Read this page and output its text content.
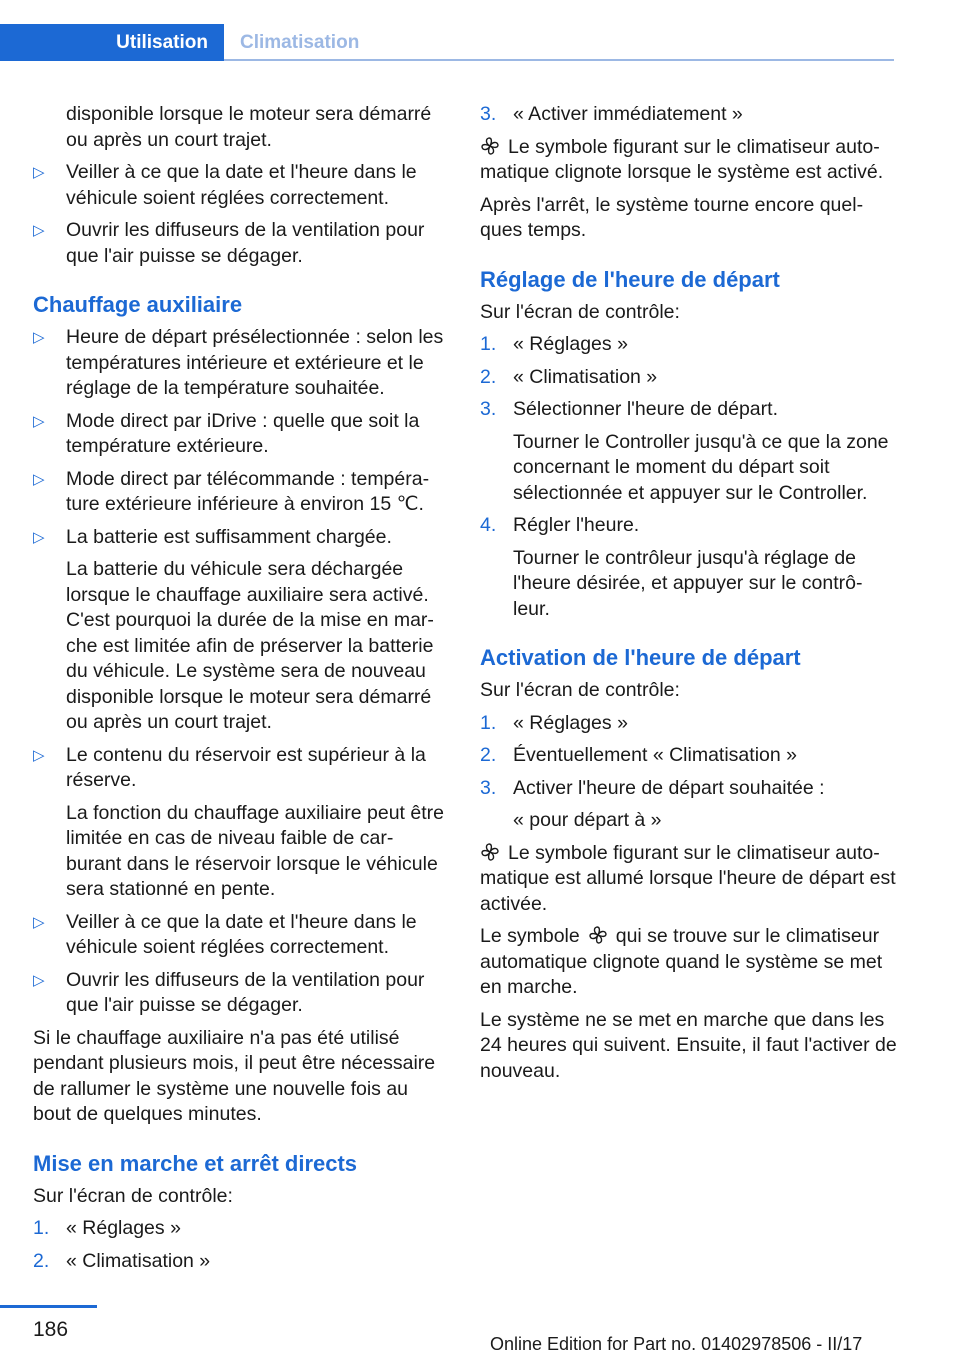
Utilisation	Climatisation
disponible lorsque le moteur sera démarré ou après un court trajet.
▷ Veiller à ce que la date et l'heure dans le véhicule soient réglées correctement.
▷ Ouvrir les diffuseurs de la ventilation pour que l'air puisse se dégager.
Chauffage auxiliaire
▷ Heure de départ présélectionnée : selon les températures intérieure et extérieure et le réglage de la température souhaitée.
▷ Mode direct par iDrive : quelle que soit la température extérieure.
▷ Mode direct par télécommande : tempéra-ture extérieure inférieure à environ 15 ℃.
▷ La batterie est suffisamment chargée.
La batterie du véhicule sera déchargée lorsque le chauffage auxiliaire sera activé. C'est pourquoi la durée de la mise en mar-che est limitée afin de préserver la batterie du véhicule. Le système sera de nouveau disponible lorsque le moteur sera démarré ou après un court trajet.
▷ Le contenu du réservoir est supérieur à la réserve.
La fonction du chauffage auxiliaire peut être limitée en cas de niveau faible de car-burant dans le réservoir lorsque le véhicule sera stationné en pente.
▷ Veiller à ce que la date et l'heure dans le véhicule soient réglées correctement.
▷ Ouvrir les diffuseurs de la ventilation pour que l'air puisse se dégager.

Si le chauffage auxiliaire n'a pas été utilisé pendant plusieurs mois, il peut être nécessaire de rallumer le système une nouvelle fois au bout de quelques minutes.

Mise en marche et arrêt directs

Sur l'écran de contrôle:

1. « Réglages »
2. « Climatisation »
3. « Activer immédiatement »

Le symbole figurant sur le climatiseur auto-matique clignote lorsque le système est activé.

Après l'arrêt, le système tourne encore quel-ques temps.

Réglage de l'heure de départ

Sur l'écran de contrôle:

1. « Réglages »
2. « Climatisation »
3. Sélectionner l'heure de départ.
Tourner le Controller jusqu'à ce que la zone concernant le moment du départ soit sélectionnée et appuyer sur le Controller.
4. Régler l'heure.
Tourner le contrôleur jusqu'à réglage de l'heure désirée, et appuyer sur le contrô-leur.
Activation de l'heure de départ

Sur l'écran de contrôle:

1. « Réglages »
2. Éventuellement « Climatisation »
3. Activer l'heure de départ souhaitée :
« pour départ à »

Le symbole figurant sur le climatiseur auto-matique est allumé lorsque l'heure de départ est activée.

Le symbole qui se trouve sur le climatiseur automatique clignote quand le système se met en marche.

Le système ne se met en marche que dans les 24 heures qui suivent. Ensuite, il faut l'activer de nouveau.

186
Online Edition for Part no. 01402978506 - II/17
